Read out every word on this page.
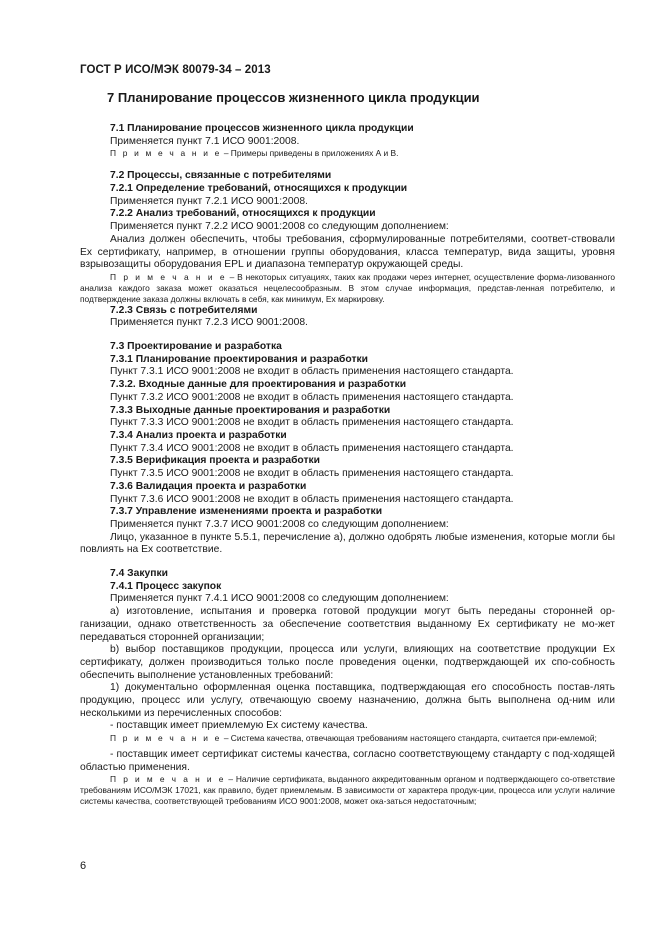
ГОСТ Р ИСО/МЭК 80079-34 – 2013
7 Планирование процессов жизненного цикла продукции

7.1 Планирование процессов жизненного цикла продукции

Применяется пункт 7.1 ИСО 9001:2008.

П р и м е ч а н и е – Примеры приведены в приложениях А и В.

7.2 Процессы, связанные с потребителями

7.2.1 Определение требований, относящихся к продукции

Применяется пункт 7.2.1 ИСО 9001:2008.

7.2.2 Анализ требований, относящихся к продукции

Применяется пункт 7.2.2 ИСО 9001:2008 со следующим дополнением:

Анализ должен обеспечить, чтобы требования, сформулированные потребителями, соответ-ствовали Ex сертификату, например, в отношении группы оборудования, класса температур, вида защиты, уровня взрывозащиты оборудования EPL и диапазона температур окружающей среды.

П р и м е ч а н и е – В некоторых ситуациях, таких как продажи через интернет, осуществление форма-лизованного анализа каждого заказа может оказаться нецелесообразным. В этом случае информация, представ-ленная потребителю, и подтверждение заказа должны включать в себя, как минимум, Ex маркировку.

7.2.3 Связь с потребителями

Применяется пункт 7.2.3 ИСО 9001:2008.

7.3 Проектирование и разработка

7.3.1 Планирование проектирования и разработки

Пункт 7.3.1 ИСО 9001:2008 не входит в область применения настоящего стандарта.

7.3.2. Входные данные для проектирования и разработки

Пункт 7.3.2 ИСО 9001:2008 не входит в область применения настоящего стандарта.

7.3.3 Выходные данные проектирования и разработки

Пункт 7.3.3 ИСО 9001:2008 не входит в область применения настоящего стандарта.

7.3.4 Анализ проекта и разработки

Пункт 7.3.4 ИСО 9001:2008 не входит в область применения настоящего стандарта.

7.3.5 Верификация проекта и разработки

Пункт 7.3.5 ИСО 9001:2008 не входит в область применения настоящего стандарта.

7.3.6 Валидация проекта и разработки

Пункт 7.3.6 ИСО 9001:2008 не входит в область применения настоящего стандарта.

7.3.7 Управление изменениями проекта и разработки

Применяется пункт 7.3.7 ИСО 9001:2008 со следующим дополнением:

Лицо, указанное в пункте 5.5.1, перечисление а), должно одобрять любые изменения, которые могли бы повлиять на Ex соответствие.

7.4 Закупки

7.4.1 Процесс закупок

Применяется пункт 7.4.1 ИСО 9001:2008 со следующим дополнением:

а) изготовление, испытания и проверка готовой продукции могут быть переданы сторонней ор-ганизации, однако ответственность за обеспечение соответствия выданному Ex сертификату не мо-жет передаваться сторонней организации;

b) выбор поставщиков продукции, процесса или услуги, влияющих на соответствие продукции Ex сертификату, должен производиться только после проведения оценки, подтверждающей их спо-собность обеспечить выполнение установленных требований:

1) документально оформленная оценка поставщика, подтверждающая его способность постав-лять продукцию, процесс или услугу, отвечающую своему назначению, должна быть выполнена од-ним или несколькими из перечисленных способов:

- поставщик имеет приемлемую Ex систему качества.

П р и м е ч а н и е – Система качества, отвечающая требованиям настоящего стандарта, считается при-емлемой;

- поставщик имеет сертификат системы качества, согласно соответствующему стандарту с под-ходящей областью применения.

П р и м е ч а н и е – Наличие сертификата, выданного аккредитованным органом и подтверждающего со-ответствие требованиям ИСО/МЭК 17021, как правило, будет приемлемым. В зависимости от характера продук-ции, процесса или услуги наличие системы качества, соответствующей требованиям ИСО 9001:2008, может ока-заться недостаточным;

6
